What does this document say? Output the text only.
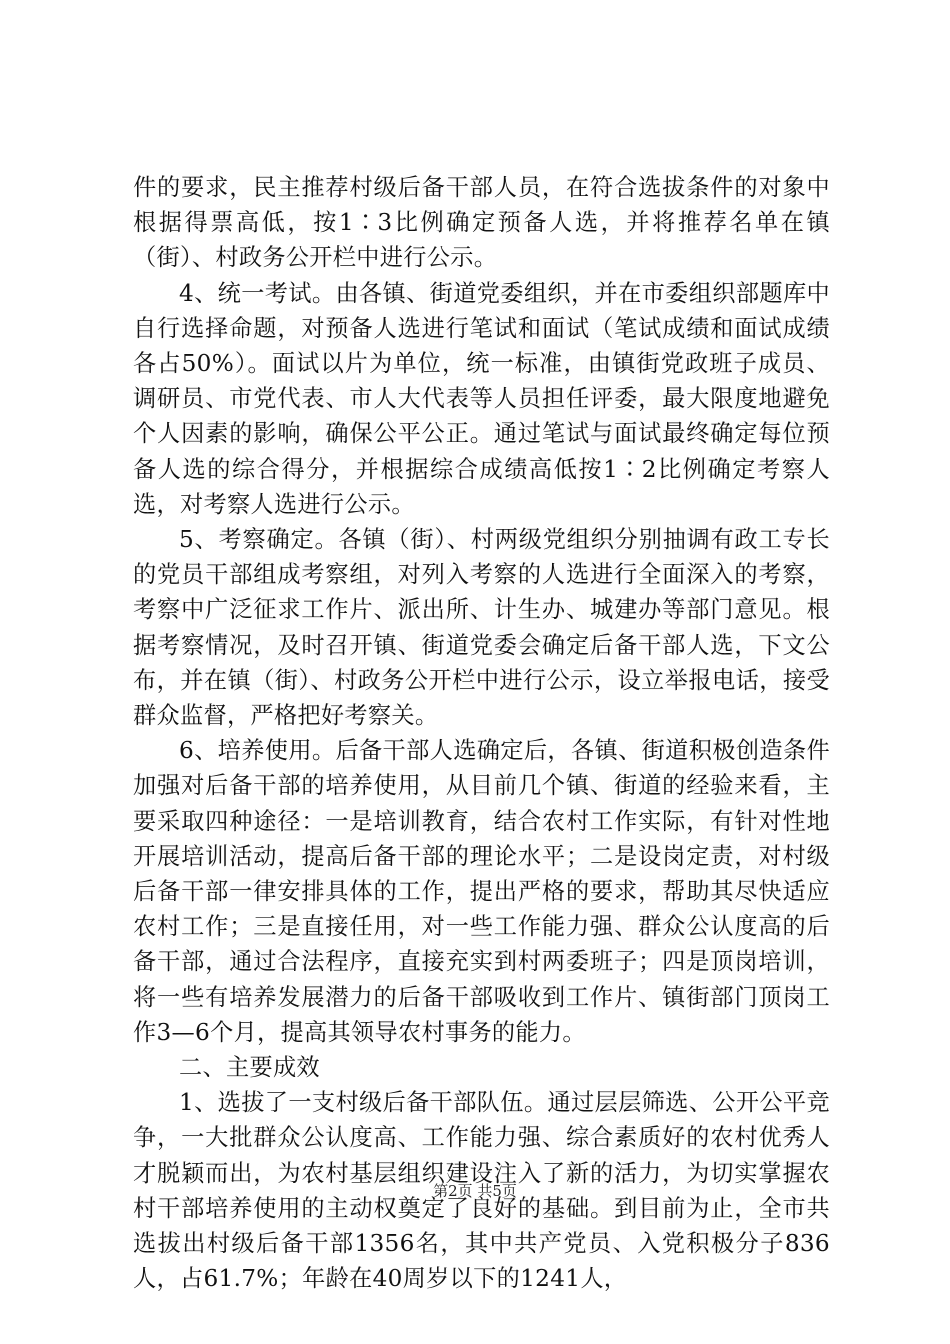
件的要求，民主推荐村级后备干部人员，在符合选拔条件的对象中根据得票高低，按1∶3比例确定预备人选，并将推荐名单在镇（街）、村政务公开栏中进行公示。

4、统一考试。由各镇、街道党委组织，并在市委组织部题库中自行选择命题，对预备人选进行笔试和面试（笔试成绩和面试成绩各占50%）。面试以片为单位，统一标准，由镇街党政班子成员、调研员、市党代表、市人大代表等人员担任评委，最大限度地避免个人因素的影响，确保公平公正。通过笔试与面试最终确定每位预备人选的综合得分，并根据综合成绩高低按1∶2比例确定考察人选，对考察人选进行公示。

5、考察确定。各镇（街）、村两级党组织分别抽调有政工专长的党员干部组成考察组，对列入考察的人选进行全面深入的考察，考察中广泛征求工作片、派出所、计生办、城建办等部门意见。根据考察情况，及时召开镇、街道党委会确定后备干部人选，下文公布，并在镇（街）、村政务公开栏中进行公示，设立举报电话，接受群众监督，严格把好考察关。

6、培养使用。后备干部人选确定后，各镇、街道积极创造条件加强对后备干部的培养使用，从目前几个镇、街道的经验来看，主要采取四种途径：一是培训教育，结合农村工作实际，有针对性地开展培训活动，提高后备干部的理论水平；二是设岗定责，对村级后备干部一律安排具体的工作，提出严格的要求，帮助其尽快适应农村工作；三是直接任用，对一些工作能力强、群众公认度高的后备干部，通过合法程序，直接充实到村两委班子；四是顶岗培训，将一些有培养发展潜力的后备干部吸收到工作片、镇街部门顶岗工作3—6个月，提高其领导农村事务的能力。

二、主要成效

1、选拔了一支村级后备干部队伍。通过层层筛选、公开公平竞争，一大批群众公认度高、工作能力强、综合素质好的农村优秀人才脱颖而出，为农村基层组织建设注入了新的活力，为切实掌握农村干部培养使用的主动权奠定了良好的基础。到目前为止，全市共选拔出村级后备干部1356名，其中共产党员、入党积极分子836人，占61.7%；年龄在40周岁以下的1241人，

第2页 共5页
